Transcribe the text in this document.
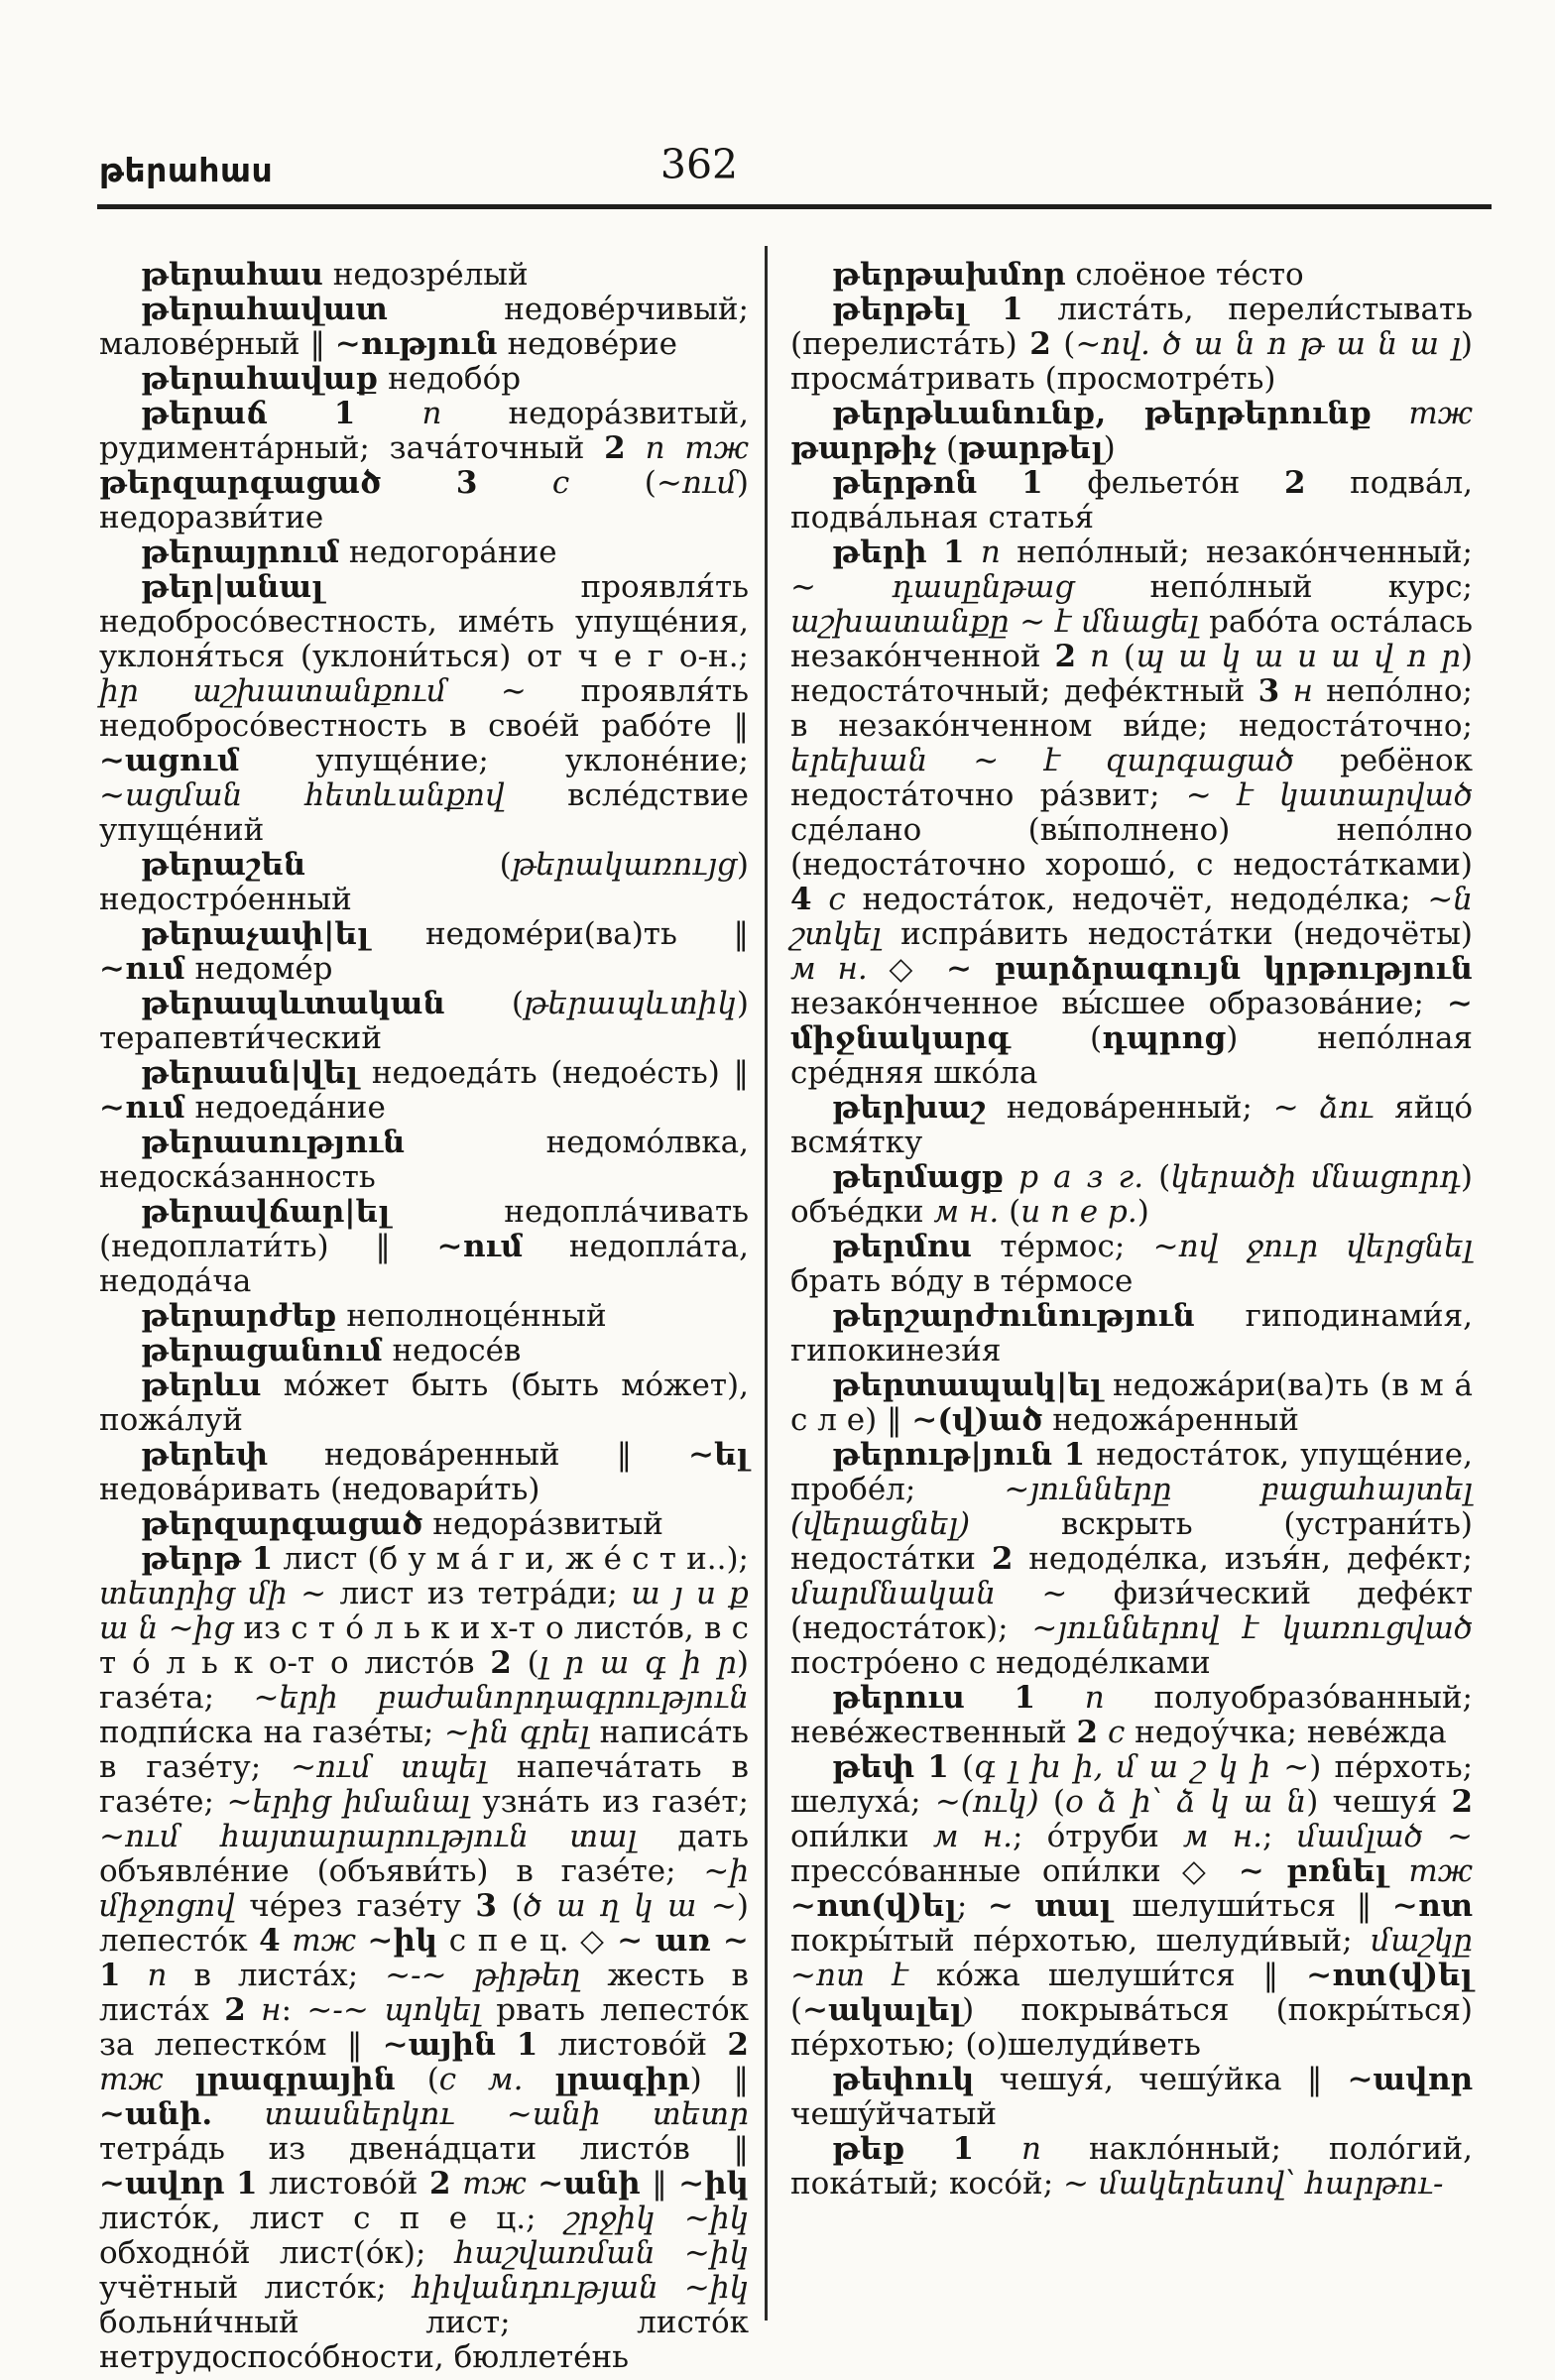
թերահաս	362

թերահաս недозре́лый

թերահավատ недове́рчивый; малове́рный ‖ ∼ություն недове́рие

թերահավաք недобо́р

թերաճ 1 п недора́звитый, рудимента́рный; зача́точный 2 п тж թերզարգացած 3 с (∼ում) недоразви́тие

թերայրում недогора́ние

թեր|անալ проявля́ть недобросо́вестность, име́ть упуще́ния, уклоня́ться (уклони́ться) от ч е г о-н.; իր աշխատանքում ∼ проявля́ть недобросо́вестность в свое́й рабо́те ‖ ∼ացում упуще́ние; уклоне́ние; ∼ացման հետևանքով всле́дствие упуще́ний

թերաշեն (թերակառույց) недостро́енный

թերաչափ|ել недоме́ри(ва)ть ‖ ∼ում недоме́р

թերապևտական (թերապևտիկ) терапевти́ческий

թերասն|վել недоеда́ть (недое́сть) ‖ ∼ում недоеда́ние

թերասություն недомо́лвка, недоска́занность

թերավճար|ել недопла́чивать (недоплати́ть) ‖ ∼ում недопла́та, недода́ча

թերարժեք неполноце́нный

թերացանում недосе́в

թերևս мо́жет быть (быть мо́жет), пожа́луй

թերեփ недова́ренный ‖ ∼ել недова́ривать (недовари́ть)

թերզարգացած недора́звитый

թերթ 1 лист (б у м а́ г и, ж е́ с т и..); տետրից մի ∼ лист из тетра́ди; ա յ ս ք ա ն ∼ից из с т о́ л ь к и х-т о листо́в, в с т о́ л ь к о-т о листо́в 2 (լ ր ա գ ի ր) газе́та; ∼երի բաժանորդագրություն подпи́ска на газе́ты; ∼ին գրել написа́ть в газе́ту; ∼ում տպել напеча́тать в газе́те; ∼երից իմանալ узна́ть из газе́т; ∼ում հայտարարություն տալ дать объявле́ние (объяви́ть) в газе́те; ∼ի միջոցով че́рез газе́ту 3 (ծ ա ղ կ ա ∼) лепесто́к 4 тж ∼իկ с п е ц. ◇ ∼ առ ∼ 1 п в листа́х; ∼-∼ թիթեղ жесть в листа́х 2 н: ∼-∼ պոկել рвать лепесто́к за лепестко́м ‖ ∼ային 1 листово́й 2 тж լրագրային (с м. լրագիր) ‖ ∼անի. տասներկու ∼անի տետր тетра́дь из двена́дцати листо́в ‖ ∼ավոր 1 листово́й 2 тж ∼անի ‖ ∼իկ листо́к, лист с п е ц.; շրջիկ ∼իկ обходно́й лист(о́к); հաշվառման ∼իկ учётный листо́к; հիվանդության ∼իկ больни́чный лист; листо́к нетрудоспосо́бности, бюллете́нь

թերթախմոր слоёное те́сто

թերթել 1 листа́ть, перели́стывать (перелиста́ть) 2 (∼ով. ծ ա ն ո թ ա ն ա լ) просма́тривать (просмотре́ть)

թերթևանունք, թերթերունք тж թարթիչ (թարթել)

թերթոն 1 фельето́н 2 подва́л, подва́льная статья́

թերի 1 п непо́лный; незако́нченный; ∼ դասընթաց непо́лный курс; աշխատանքը ∼ է մնացել рабо́та оста́лась незако́нченной 2 п (պ ա կ ա ս ա վ ո ր) недоста́точный; дефе́ктный 3 н непо́лно; в незако́нченном ви́де; недоста́точно; երեխան ∼ է զարգացած ребёнок недоста́точно ра́звит; ∼ է կատարված сде́лано (вы́полнено) непо́лно (недоста́точно хорошо́, с недоста́тками) 4 с недоста́ток, недочёт, недоде́лка; ∼ն շտկել испра́вить недоста́тки (недочёты) м н. ◇ ∼ բարձրագույն կրթություն незако́нченное вы́сшее образова́ние; ∼ միջնակարգ (դպրոց) непо́лная сре́дняя шко́ла

թերխաշ недова́ренный; ∼ ձու яйцо́ всмя́тку

թերմացք р а з г. (կերածի մնացորդ) объе́дки м н. (и п е р.)

թերմոս те́рмос; ∼ով ջուր վերցնել брать во́ду в те́рмосе

թերշարժունություն гиподинами́я, гипокинези́я

թերտապակ|ել недожа́ри(ва)ть (в м а́ с л е) ‖ ∼(վ)ած недожа́ренный

թերութ|յուն 1 недоста́ток, упуще́ние, пробе́л; ∼յունները բացահայտել (վերացնել) вскрыть (устрани́ть) недоста́тки 2 недоде́лка, изъя́н, дефе́кт; մարմնական ∼ физи́ческий дефе́кт (недоста́ток); ∼յուններով է կառուցված постро́ено с недоде́лками

թերուս 1 п полуобразо́ванный; неве́жественный 2 с недоу́чка; неве́жда

թեփ 1 (գ լ խ ի, մ ա շ կ ի ∼) пе́рхоть; шелуха́; ∼(ուկ) (օ ձ ի՝ ձ կ ա ն) чешуя́ 2 опи́лки м н.; о́труби м н.; մամլած ∼ прессо́ванные опи́лки ◇ ∼ բռնել тж ∼ոտ(վ)ել; ∼ տալ шелуши́ться ‖ ∼ոտ покры́тый пе́рхотью, шелуди́вый; մաշկը ∼ոտ է ко́жа шелуши́тся ‖ ∼ոտ(վ)ել (∼ակալել) покрыва́ться (покры́ться) пе́рхотью; (о)шелуди́веть

թեփուկ чешуя́, чешу́йка ‖ ∼ավոր чешу́йчатый

թեք 1 п накло́нный; поло́гий, пока́тый; косо́й; ∼ մակերեսով՝ հարթու-
